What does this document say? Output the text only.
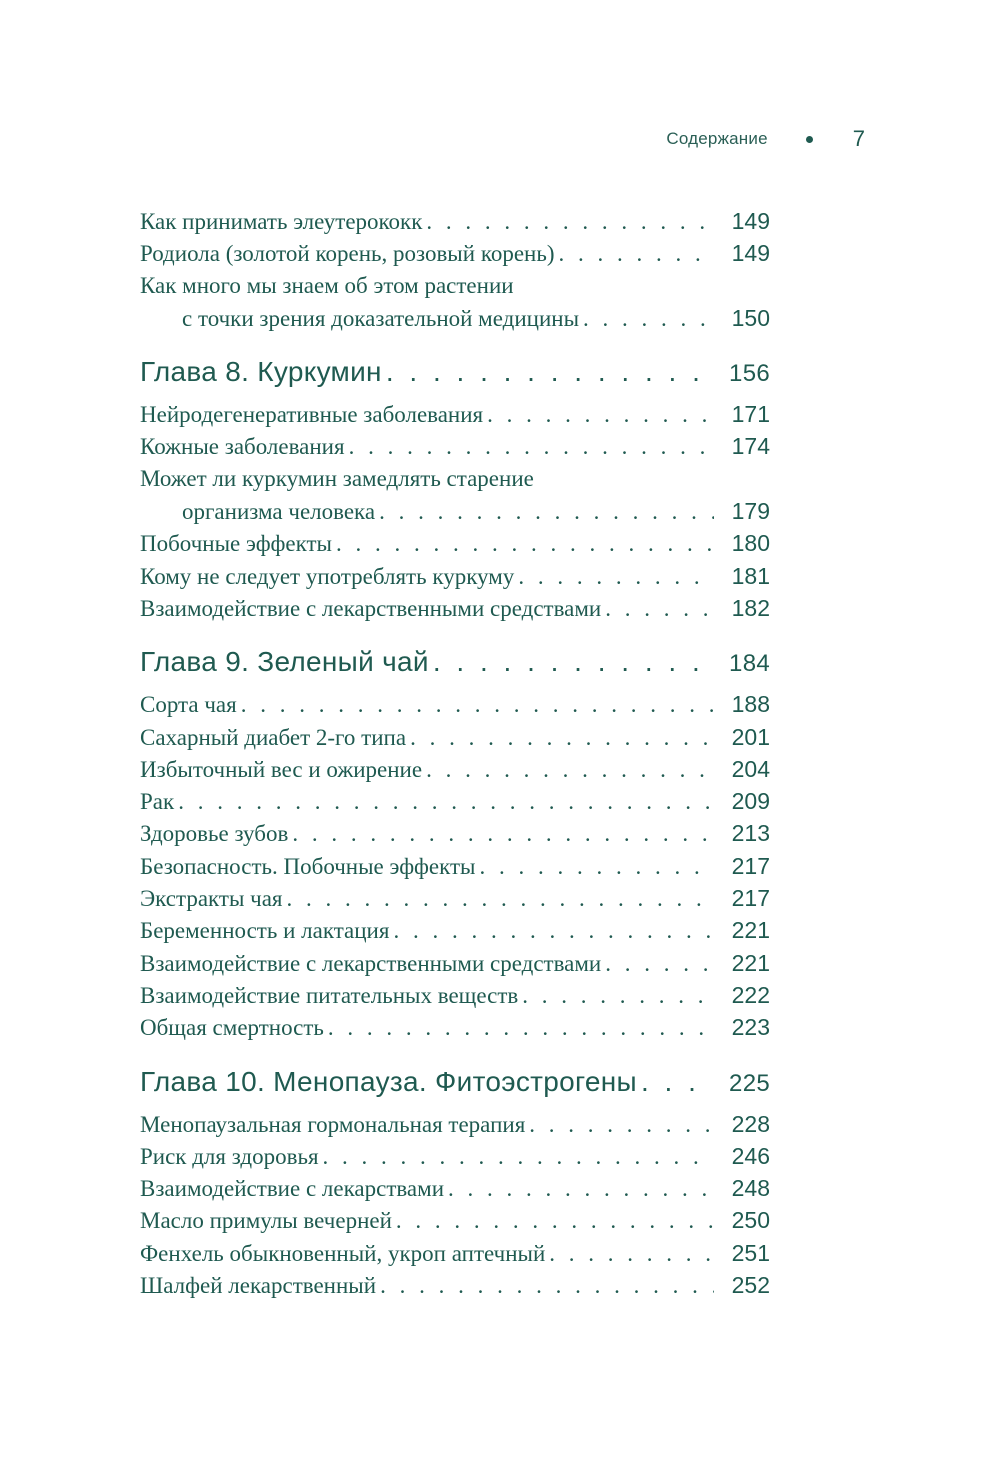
Содержание	7
Как принимать элеутерококк . . .	149
Родиола (золотой корень, розовый корень) . . .	149
Как много мы знаем об этом растении
с точки зрения доказательной медицины . . .	150
Глава 8. Куркумин . . .	156
Нейродегенеративные заболевания . . .	171
Кожные заболевания . . .	174
Может ли куркумин замедлять старение
организма человека . . .	179
Побочные эффекты . . .	180
Кому не следует употреблять куркуму . . .	181
Взаимодействие с лекарственными средствами . . .	182
Глава 9. Зеленый чай . . .	184
Сорта чая . . .	188
Сахарный диабет 2-го типа . . .	201
Избыточный вес и ожирение . . .	204
Рак . . .	209
Здоровье зубов . . .	213
Безопасность. Побочные эффекты . . .	217
Экстракты чая . . .	217
Беременность и лактация . . .	221
Взаимодействие с лекарственными средствами . . .	221
Взаимодействие питательных веществ . . .	222
Общая смертность . . .	223
Глава 10. Менопауза. Фитоэстрогены . . .	225
Менопаузальная гормональная терапия . . .	228
Риск для здоровья . . .	246
Взаимодействие с лекарствами . . .	248
Масло примулы вечерней . . .	250
Фенхель обыкновенный, укроп аптечный . . .	251
Шалфей лекарственный . . .	252
